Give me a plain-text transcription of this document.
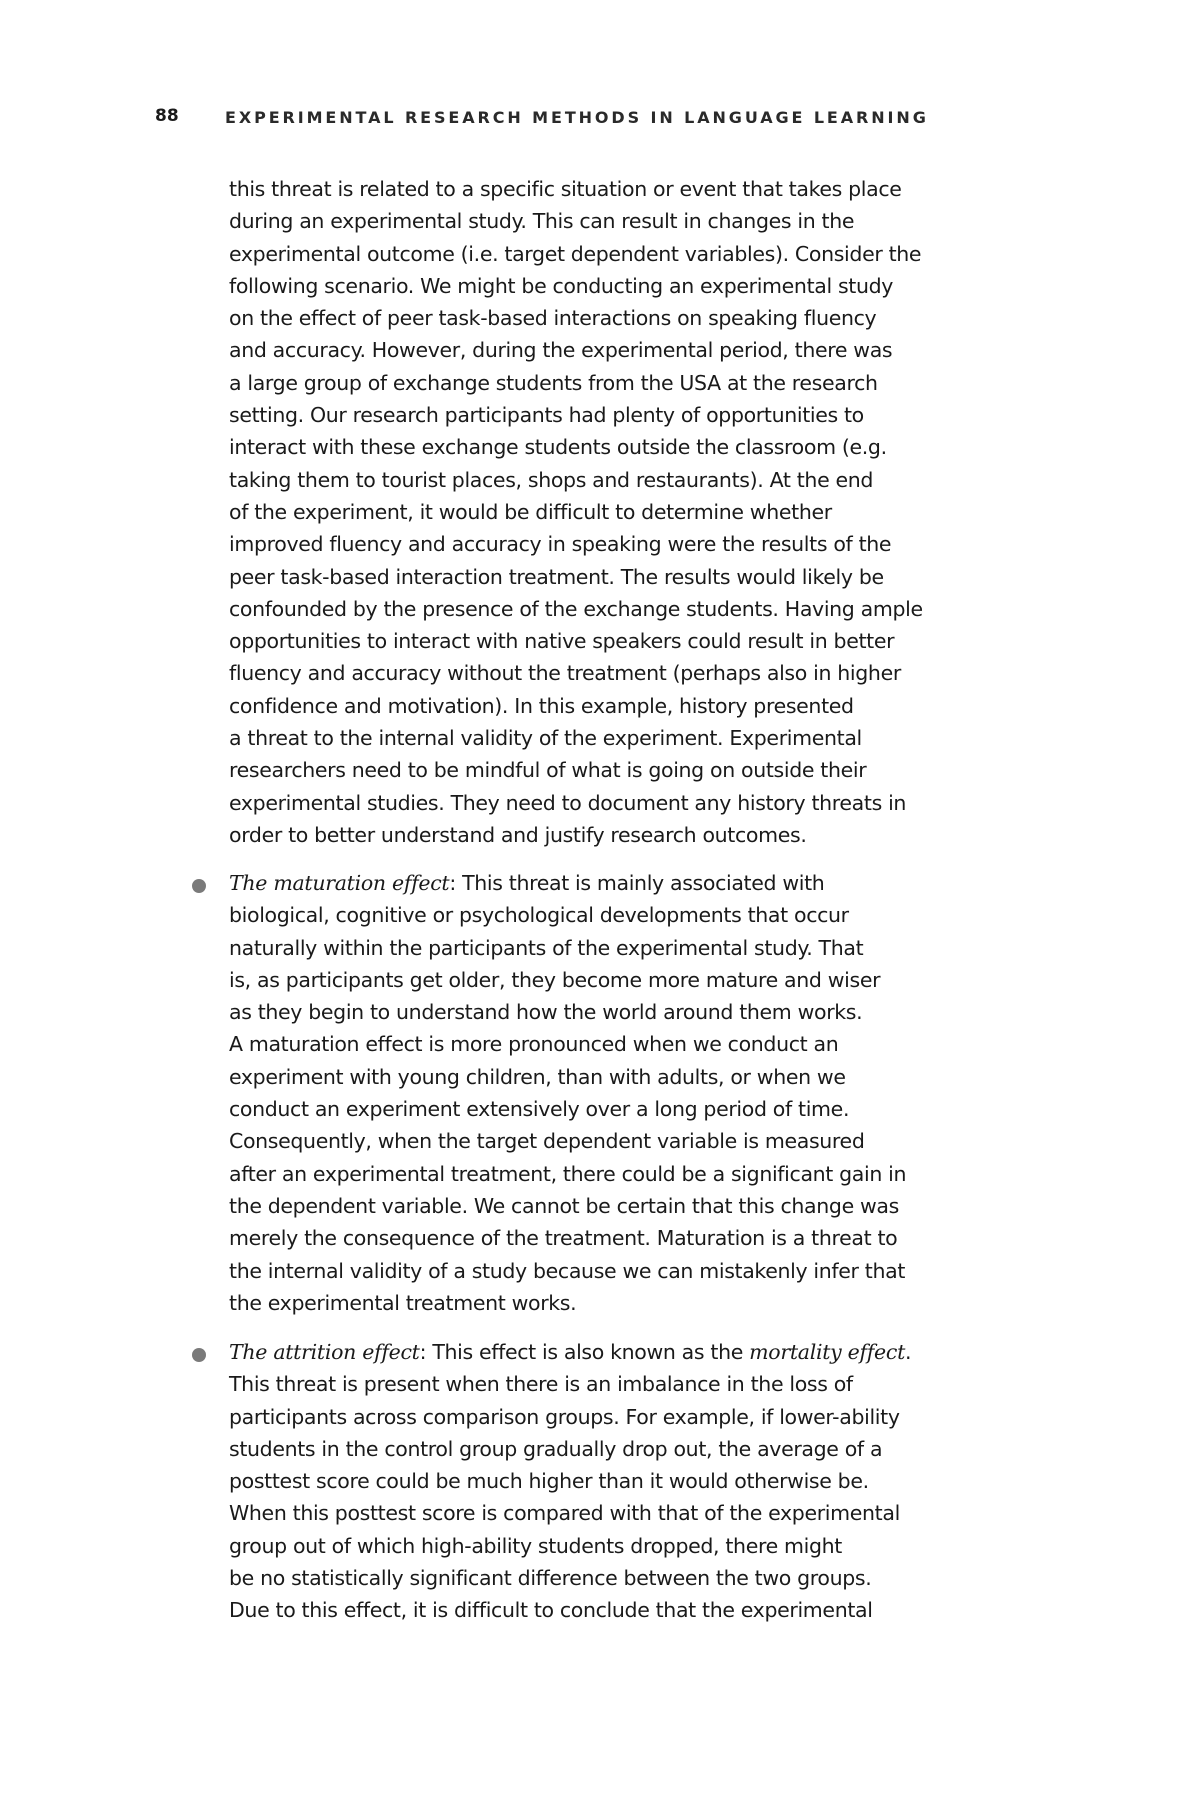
88	EXPERIMENTAL RESEARCH METHODS IN LANGUAGE LEARNING
this threat is related to a specific situation or event that takes place
during an experimental study. This can result in changes in the
experimental outcome (i.e. target dependent variables). Consider the
following scenario. We might be conducting an experimental study
on the effect of peer task-based interactions on speaking fluency
and accuracy. However, during the experimental period, there was
a large group of exchange students from the USA at the research
setting. Our research participants had plenty of opportunities to
interact with these exchange students outside the classroom (e.g.
taking them to tourist places, shops and restaurants). At the end
of the experiment, it would be difficult to determine whether
improved fluency and accuracy in speaking were the results of the
peer task-based interaction treatment. The results would likely be
confounded by the presence of the exchange students. Having ample
opportunities to interact with native speakers could result in better
fluency and accuracy without the treatment (perhaps also in higher
confidence and motivation). In this example, history presented
a threat to the internal validity of the experiment. Experimental
researchers need to be mindful of what is going on outside their
experimental studies. They need to document any history threats in
order to better understand and justify research outcomes.
The maturation effect: This threat is mainly associated with
biological, cognitive or psychological developments that occur
naturally within the participants of the experimental study. That
is, as participants get older, they become more mature and wiser
as they begin to understand how the world around them works.
A maturation effect is more pronounced when we conduct an
experiment with young children, than with adults, or when we
conduct an experiment extensively over a long period of time.
Consequently, when the target dependent variable is measured
after an experimental treatment, there could be a significant gain in
the dependent variable. We cannot be certain that this change was
merely the consequence of the treatment. Maturation is a threat to
the internal validity of a study because we can mistakenly infer that
the experimental treatment works.
The attrition effect: This effect is also known as the mortality effect.
This threat is present when there is an imbalance in the loss of
participants across comparison groups. For example, if lower-ability
students in the control group gradually drop out, the average of a
posttest score could be much higher than it would otherwise be.
When this posttest score is compared with that of the experimental
group out of which high-ability students dropped, there might
be no statistically significant difference between the two groups.
Due to this effect, it is difficult to conclude that the experimental
